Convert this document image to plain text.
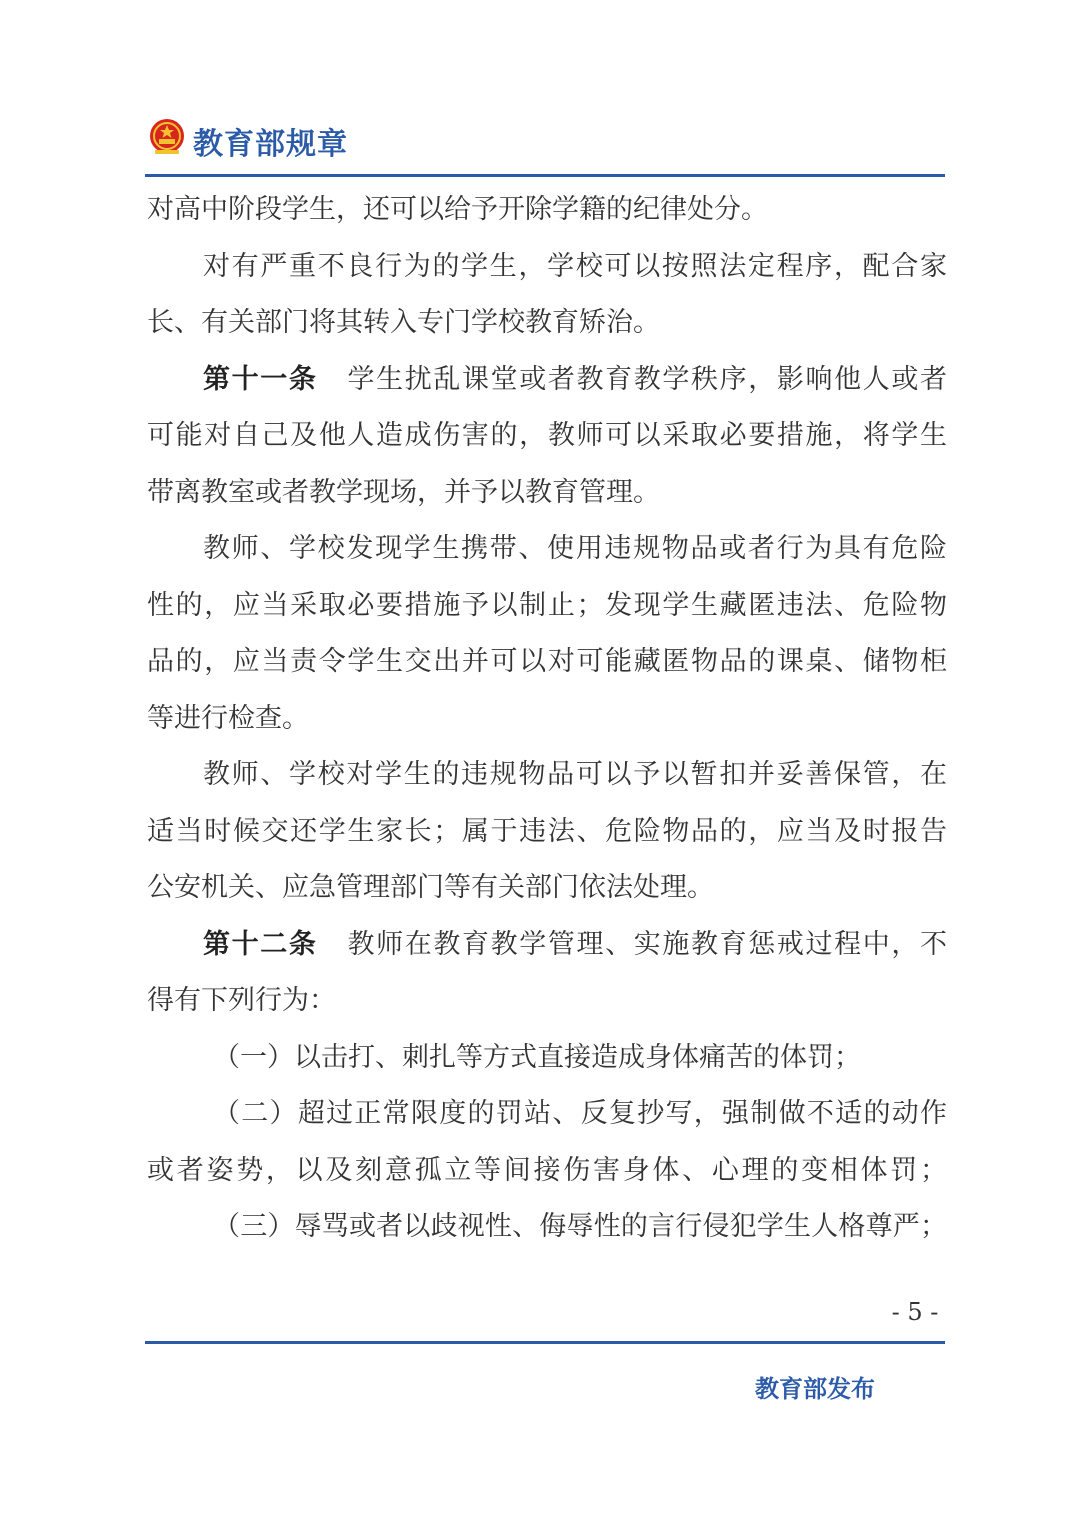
教育部规章
对高中阶段学生，还可以给予开除学籍的纪律处分。
对有严重不良行为的学生，学校可以按照法定程序，配合家
长、有关部门将其转入专门学校教育矫治。
第十一条 学生扰乱课堂或者教育教学秩序，影响他人或者
可能对自己及他人造成伤害的，教师可以采取必要措施，将学生
带离教室或者教学现场，并予以教育管理。
教师、学校发现学生携带、使用违规物品或者行为具有危险
性的，应当采取必要措施予以制止；发现学生藏匿违法、危险物
品的，应当责令学生交出并可以对可能藏匿物品的课桌、储物柜
等进行检查。
教师、学校对学生的违规物品可以予以暂扣并妥善保管，在
适当时候交还学生家长；属于违法、危险物品的，应当及时报告
公安机关、应急管理部门等有关部门依法处理。
第十二条 教师在教育教学管理、实施教育惩戒过程中，不
得有下列行为：
（一）以击打、刺扎等方式直接造成身体痛苦的体罚；
（二）超过正常限度的罚站、反复抄写，强制做不适的动作
或者姿势，以及刻意孤立等间接伤害身体、心理的变相体罚；
（三）辱骂或者以歧视性、侮辱性的言行侵犯学生人格尊严；
- 5 -
教育部发布
